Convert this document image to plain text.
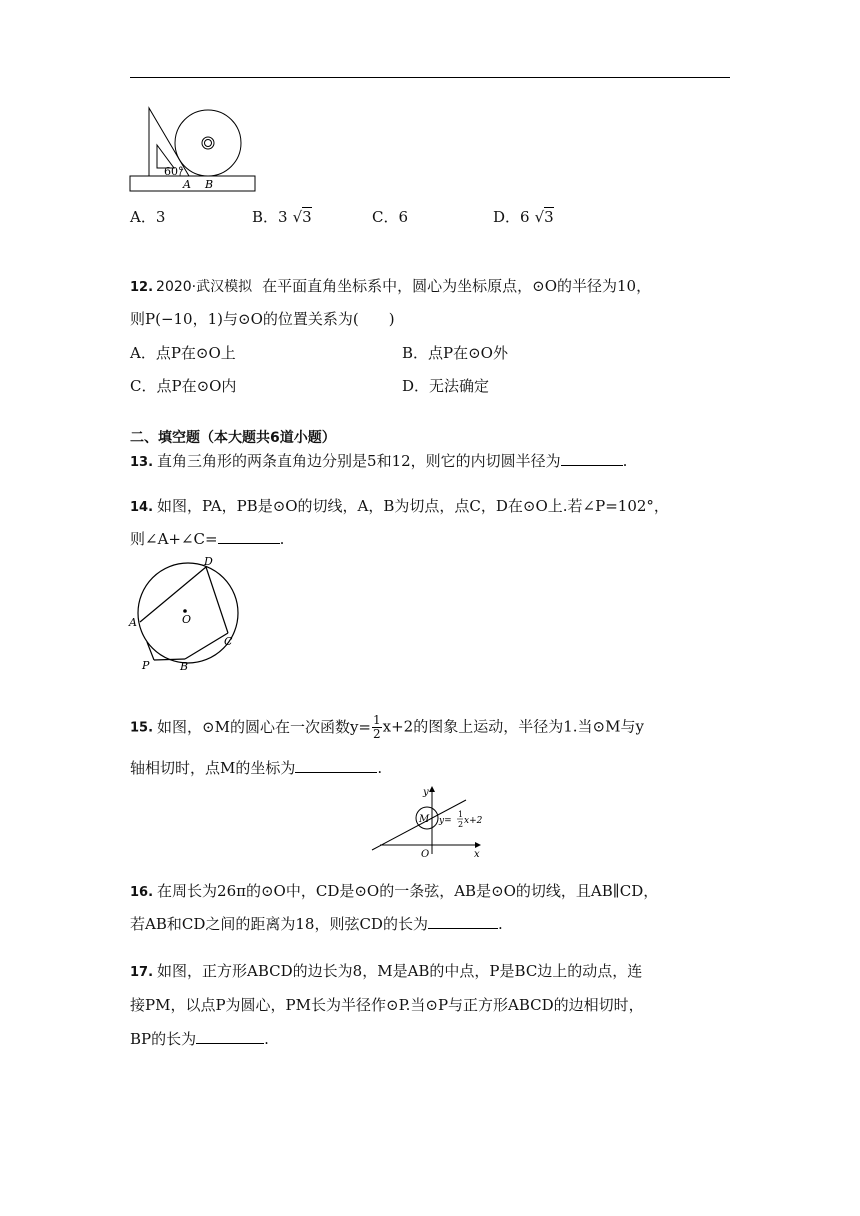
60°
A B
A．3	B．3 √3	C．6	D．6 √3
12. 2020·武汉模拟 在平面直角坐标系中，圆心为坐标原点，⊙O的半径为10，
则P(−10，1)与⊙O的位置关系为(　　)
A．点P在⊙O上	B．点P在⊙O外
C．点P在⊙O内	D．无法确定
二、填空题（本大题共6道小题）
13. 直角三角形的两条直角边分别是5和12，则它的内切圆半径为	.
14. 如图，PA，PB是⊙O的切线，A，B为切点，点C，D在⊙O上.若∠P=102°，
则∠A+∠C=	.
D
A	O
C
P	B
15. 如图，⊙M的圆心在一次函数$y= \frac{1}{2} x+2$的图象上运动，半径为1.当⊙M与y
轴相切时，点M的坐标为	.
y
M y=
1
2 x+2
O	x
16. 在周长为26π的⊙O中，CD是⊙O的一条弦，AB是⊙O的切线，且AB∥CD，
若AB和CD之间的距离为18，则弦CD的长为	.
17. 如图，正方形ABCD的边长为8，M是AB的中点，P是BC边上的动点，连
接PM，以点P为圆心，PM长为半径作⊙P.当⊙P与正方形ABCD的边相切时，
BP的长为	.
